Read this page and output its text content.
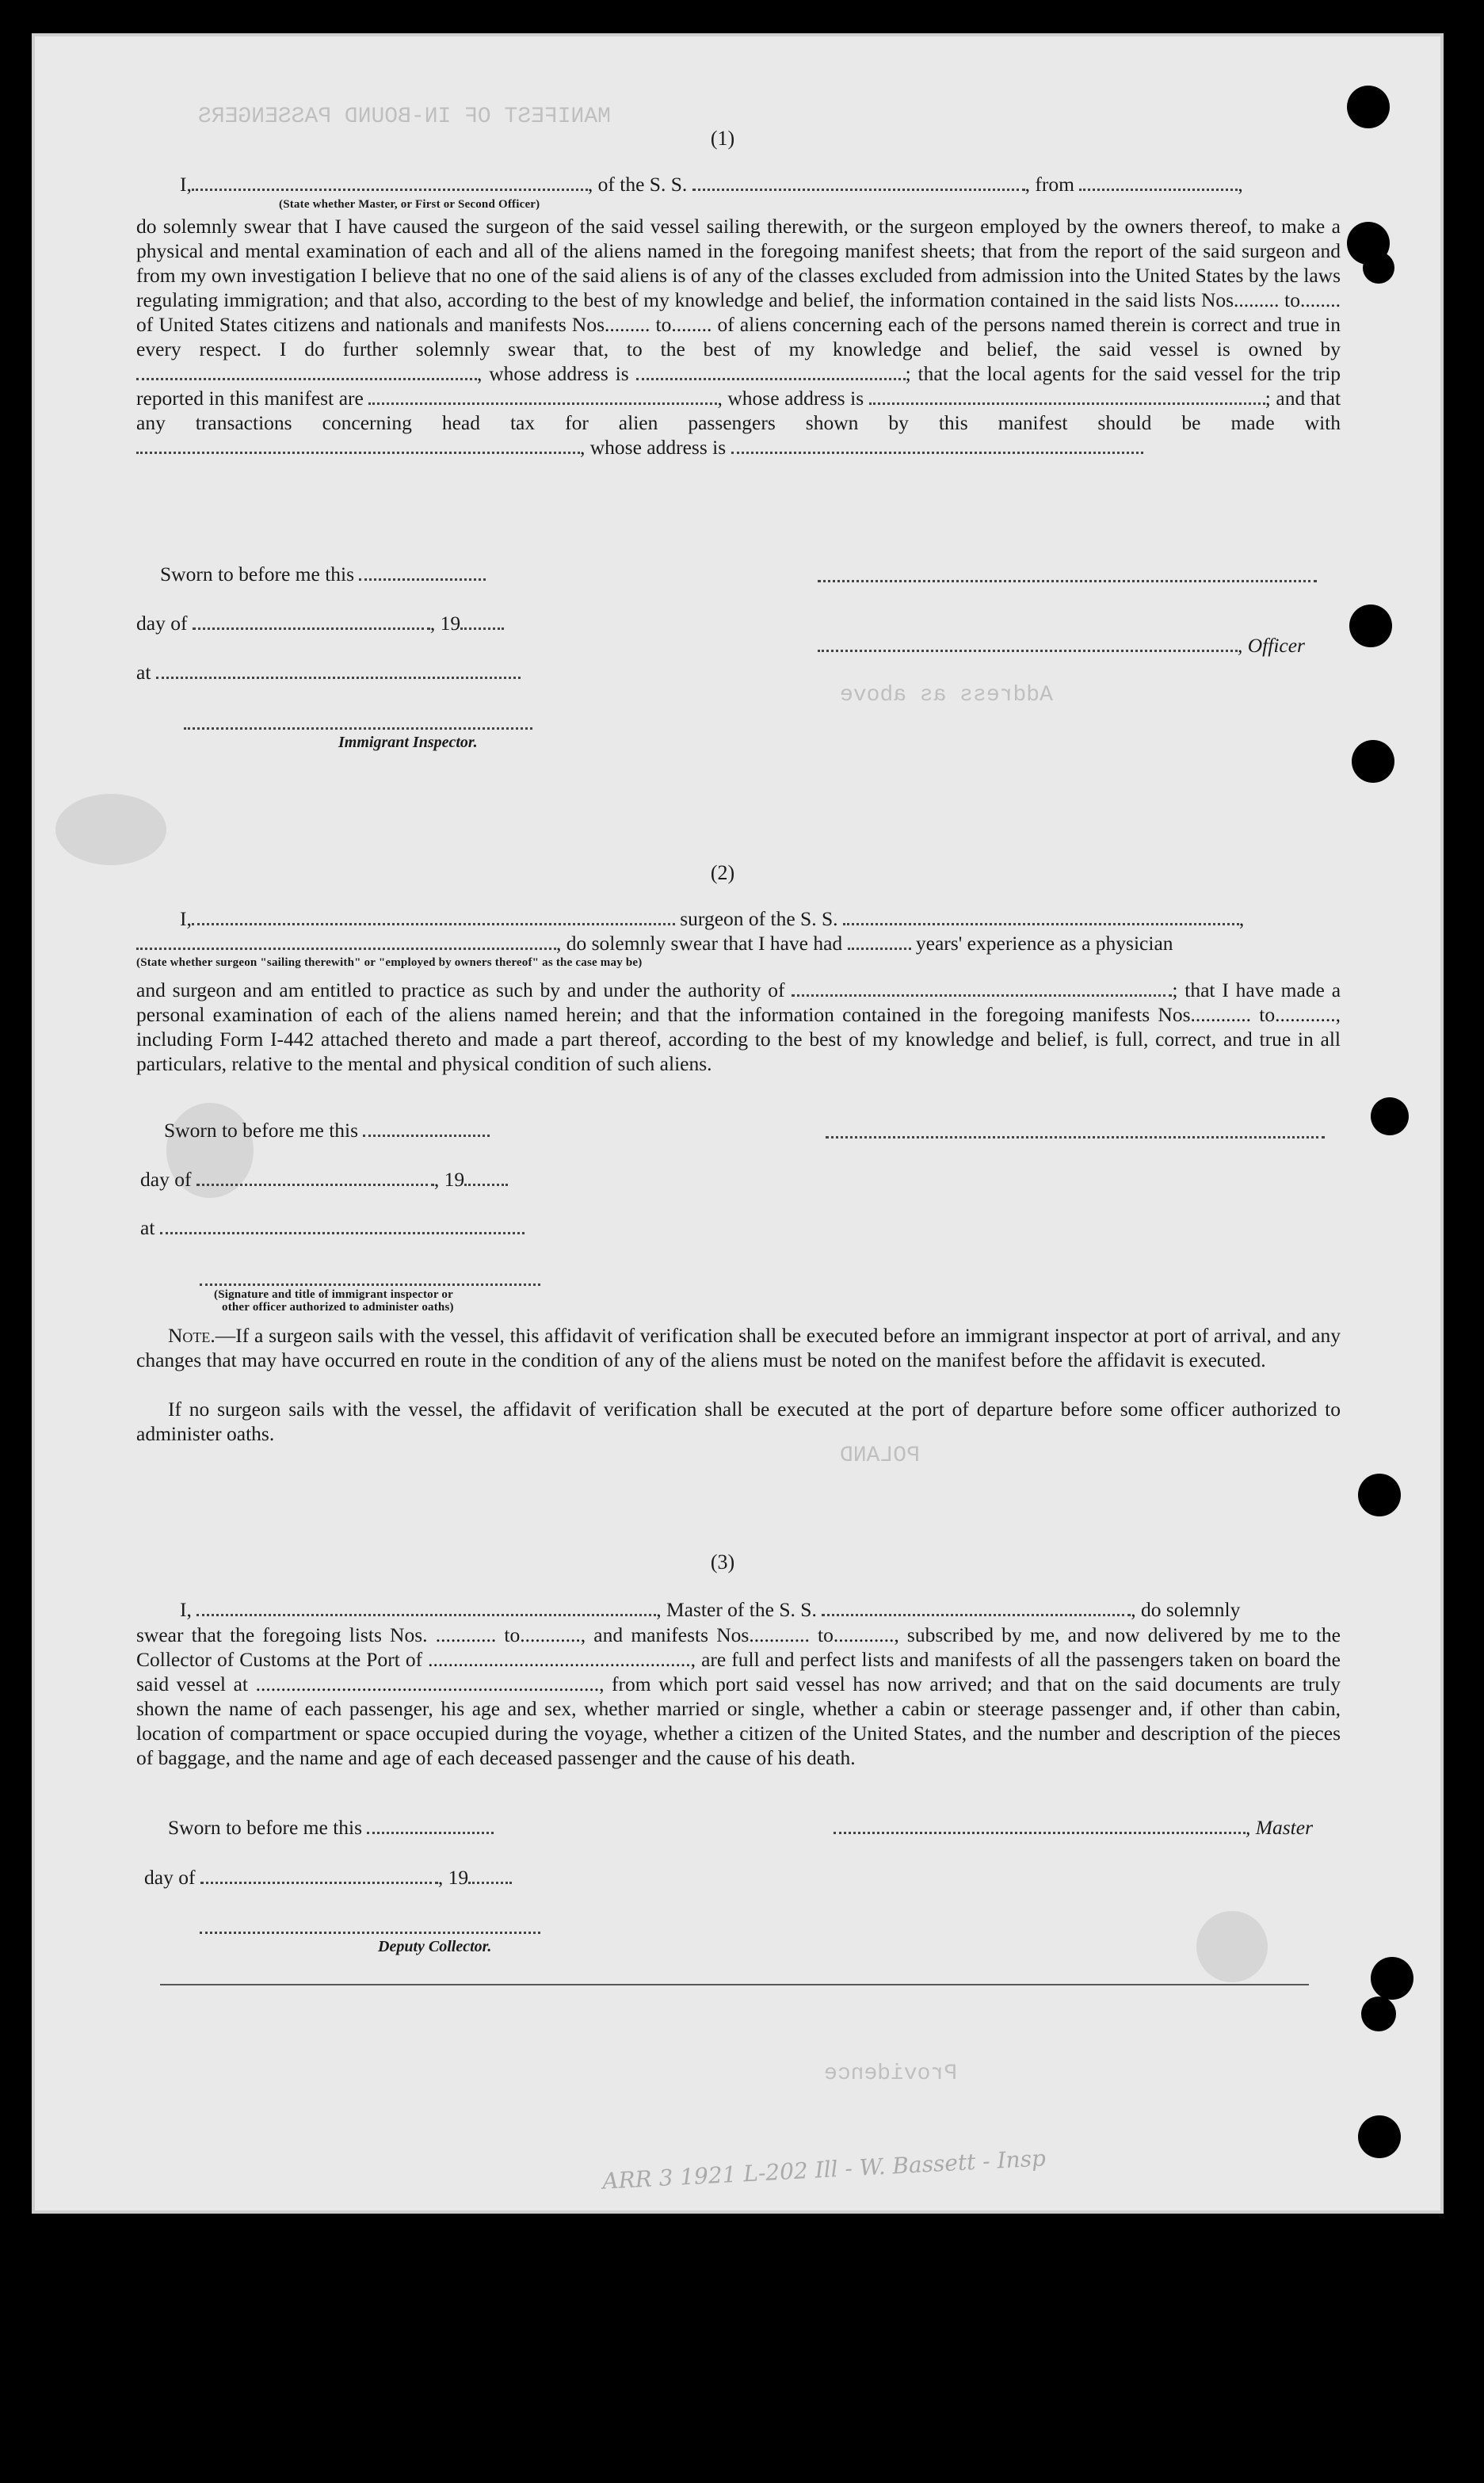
MANIFEST OF IN-BOUND PASSENGERS
Address as above
POLAND
Providence
ARR 3 1921 L-202 Ill - W. Bassett - Insp
(1)
I,	, of the S. S.	, from	,
(State whether Master, or First or Second Officer)

do solemnly swear that I have caused the surgeon of the said vessel sailing therewith, or the surgeon employed by the owners thereof, to make a physical and mental examination of each and all of the aliens named in the foregoing manifest sheets; that from the report of the said surgeon and from my own investigation I believe that no one of the said aliens is of any of the classes excluded from admission into the United States by the laws regulating immigration; and that also, according to the best of my knowledge and belief, the information contained in the said lists Nos......... to........ of United States citizens and nationals and manifests Nos......... to........ of aliens concerning each of the persons named therein is correct and true in every respect. I do further solemnly swear that, to the best of my knowledge and belief, the said vessel is owned by , whose address is	; that the local agents for the said vessel for the trip reported in this manifest are	, whose address is	; and that any transactions concerning head tax for alien passengers shown by this manifest should be made with , whose address is

Sworn to before me this
day of	, 19
, Officer
at
Immigrant Inspector.
(2)
I,	surgeon of the S. S.	,
, do solemnly swear that I have had	years' experience as a physician
(State whether surgeon "sailing therewith" or "employed by owners thereof" as the case may be)

and surgeon and am entitled to practice as such by and under the authority of	; that I have made a personal examination of each of the aliens named herein; and that the information contained in the foregoing manifests Nos............ to............, including Form I-442 attached thereto and made a part thereof, according to the best of my knowledge and belief, is full, correct, and true in all particulars, relative to the mental and physical condition of such aliens.

Sworn to before me this
day of	, 19
at
(Signature and title of immigrant inspector or
other officer authorized to administer oaths)

Note.—If a surgeon sails with the vessel, this affidavit of verification shall be executed before an immigrant inspector at port of arrival, and any changes that may have occurred en route in the condition of any of the aliens must be noted on the manifest before the affidavit is executed.

If no surgeon sails with the vessel, the affidavit of verification shall be executed at the port of departure before some officer authorized to administer oaths.

(3)
I,	, Master of the S. S.	, do solemnly

swear that the foregoing lists Nos. ............ to............, and manifests Nos............ to............, subscribed by me, and now delivered by me to the Collector of Customs at the Port of ...................................................., are full and perfect lists and manifests of all the passengers taken on board the said vessel at ...................................................................., from which port said vessel has now arrived; and that on the said documents are truly shown the name of each passenger, his age and sex, whether married or single, whether a cabin or steerage passenger and, if other than cabin, location of compartment or space occupied during the voyage, whether a citizen of the United States, and the number and description of the pieces of baggage, and the name and age of each deceased passenger and the cause of his death.

Sworn to before me this	, Master
day of	, 19
Deputy Collector.
